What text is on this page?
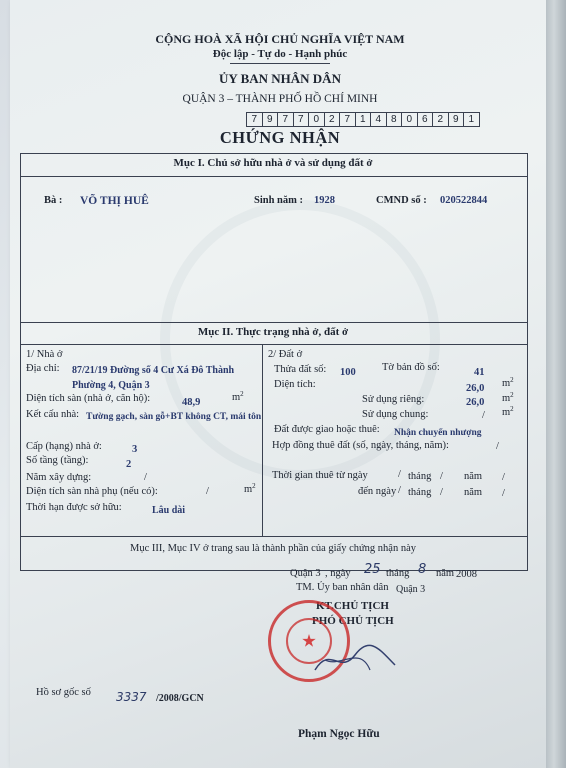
CỘNG HOÀ XÃ HỘI CHỦ NGHĨA VIỆT NAM
Độc lập - Tự do - Hạnh phúc
ỦY BAN NHÂN DÂN
QUẬN 3 – THÀNH PHỐ HỒ CHÍ MINH
7 9 7 7 0 2 7 1 4 8 0 6 2 9 1
CHỨNG NHẬN
Mục I. Chủ sở hữu nhà ở và sử dụng đất ở
Bà : VÕ THỊ HUÊ	Sinh năm : 1928	CMND số : 020522844
Mục II. Thực trạng nhà ở, đất ở
1/ Nhà ở
Địa chỉ: 87/21/19 Đường số 4 Cư Xá Đô Thành
Phường 4, Quận 3
Diện tích sàn (nhà ở, căn hộ):	48,9	$m^2$
Kết cấu nhà: Tường gạch, sàn gỗ+BT không CT, mái tôn
Cấp (hạng) nhà ở:	3
Số tầng (tầng):	2
Năm xây dựng:	/
Diện tích sàn nhà phụ (nếu có):	/	$m^2$
Thời hạn được sở hữu:	Lâu dài
2/ Đất ở
Thửa đất số: 100	Tờ bản đồ số:	41
Diện tích:	26,0 $m^2$
Sử dụng riêng:	26,0 $m^2$
Sử dụng chung:	/ $m^2$
Đất được giao hoặc thuê: Nhận chuyển nhượng
Hợp đồng thuê đất (số, ngày, tháng, năm):	/
Thời gian thuê từ ngày	/ tháng / năm /
đến ngày / tháng / năm /
Mục III, Mục IV ở trang sau là thành phần của giấy chứng nhận này
Quận 3 , ngày 25 tháng 8 năm 2008
TM. Ủy ban nhân dân Quận 3
KT.CHỦ TỊCH
PHÓ CHỦ TỊCH
Hồ sơ gốc số 3337 /2008/GCN
Phạm Ngọc Hữu
